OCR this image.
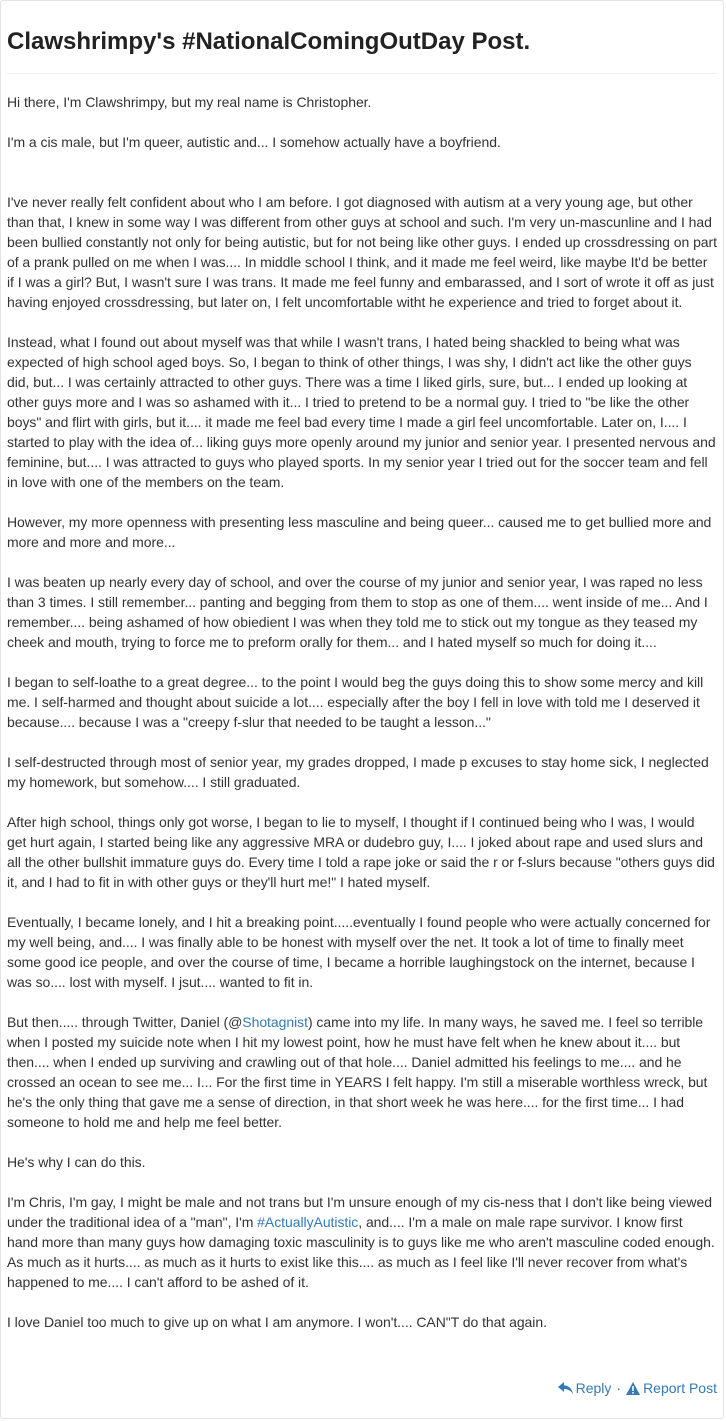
Clawshrimpy's #NationalComingOutDay Post.

Hi there, I'm Clawshrimpy, but my real name is Christopher.

I'm a cis male, but I'm queer, autistic and... I somehow actually have a boyfriend.

I've never really felt confident about who I am before. I got diagnosed with autism at a very young age, but other than that, I knew in some way I was different from other guys at school and such. I'm very un-mascunline and I had been bullied constantly not only for being autistic, but for not being like other guys. I ended up crossdressing on part of a prank pulled on me when I was.... In middle school I think, and it made me feel weird, like maybe It'd be better if I was a girl? But, I wasn't sure I was trans. It made me feel funny and embarassed, and I sort of wrote it off as just having enjoyed crossdressing, but later on, I felt uncomfortable witht he experience and tried to forget about it.

Instead, what I found out about myself was that while I wasn't trans, I hated being shackled to being what was expected of high school aged boys. So, I began to think of other things, I was shy, I didn't act like the other guys did, but... I was certainly attracted to other guys. There was a time I liked girls, sure, but... I ended up looking at other guys more and I was so ashamed with it... I tried to pretend to be a normal guy. I tried to "be like the other boys" and flirt with girls, but it.... it made me feel bad every time I made a girl feel uncomfortable. Later on, I.... I started to play with the idea of... liking guys more openly around my junior and senior year. I presented nervous and feminine, but.... I was attracted to guys who played sports. In my senior year I tried out for the soccer team and fell in love with one of the members on the team.

However, my more openness with presenting less masculine and being queer... caused me to get bullied more and more and more and more...

I was beaten up nearly every day of school, and over the course of my junior and senior year, I was raped no less than 3 times. I still remember... panting and begging from them to stop as one of them.... went inside of me... And I remember.... being ashamed of how obiedient I was when they told me to stick out my tongue as they teased my cheek and mouth, trying to force me to preform orally for them... and I hated myself so much for doing it....

I began to self-loathe to a great degree... to the point I would beg the guys doing this to show some mercy and kill me. I self-harmed and thought about suicide a lot.... especially after the boy I fell in love with told me I deserved it because.... because I was a "creepy f-slur that needed to be taught a lesson..."

I self-destructed through most of senior year, my grades dropped, I made p excuses to stay home sick, I neglected my homework, but somehow.... I still graduated.

After high school, things only got worse, I began to lie to myself, I thought if I continued being who I was, I would get hurt again, I started being like any aggressive MRA or dudebro guy, I.... I joked about rape and used slurs and all the other bullshit immature guys do. Every time I told a rape joke or said the r or f-slurs because "others guys did it, and I had to fit in with other guys or they'll hurt me!" I hated myself.

Eventually, I became lonely, and I hit a breaking point.....eventually I found people who were actually concerned for my well being, and.... I was finally able to be honest with myself over the net. It took a lot of time to finally meet some good ice people, and over the course of time, I became a horrible laughingstock on the internet, because I was so.... lost with myself. I jsut.... wanted to fit in.

But then..... through Twitter, Daniel (@Shotagnist) came into my life. In many ways, he saved me. I feel so terrible when I posted my suicide note when I hit my lowest point, how he must have felt when he knew about it.... but then.... when I ended up surviving and crawling out of that hole.... Daniel admitted his feelings to me.... and he crossed an ocean to see me... I... For the first time in YEARS I felt happy. I'm still a miserable worthless wreck, but he's the only thing that gave me a sense of direction, in that short week he was here.... for the first time... I had someone to hold me and help me feel better.

He's why I can do this.

I'm Chris, I'm gay, I might be male and not trans but I'm unsure enough of my cis-ness that I don't like being viewed under the traditional idea of a "man", I'm #ActuallyAutistic, and.... I'm a male on male rape survivor. I know first hand more than many guys how damaging toxic masculinity is to guys like me who aren't masculine coded enough. As much as it hurts.... as much as it hurts to exist like this.... as much as I feel like I'll never recover from what's happened to me.... I can't afford to be ashed of it.

I love Daniel too much to give up on what I am anymore. I won't.... CAN"T do that again.

Reply · Report Post
